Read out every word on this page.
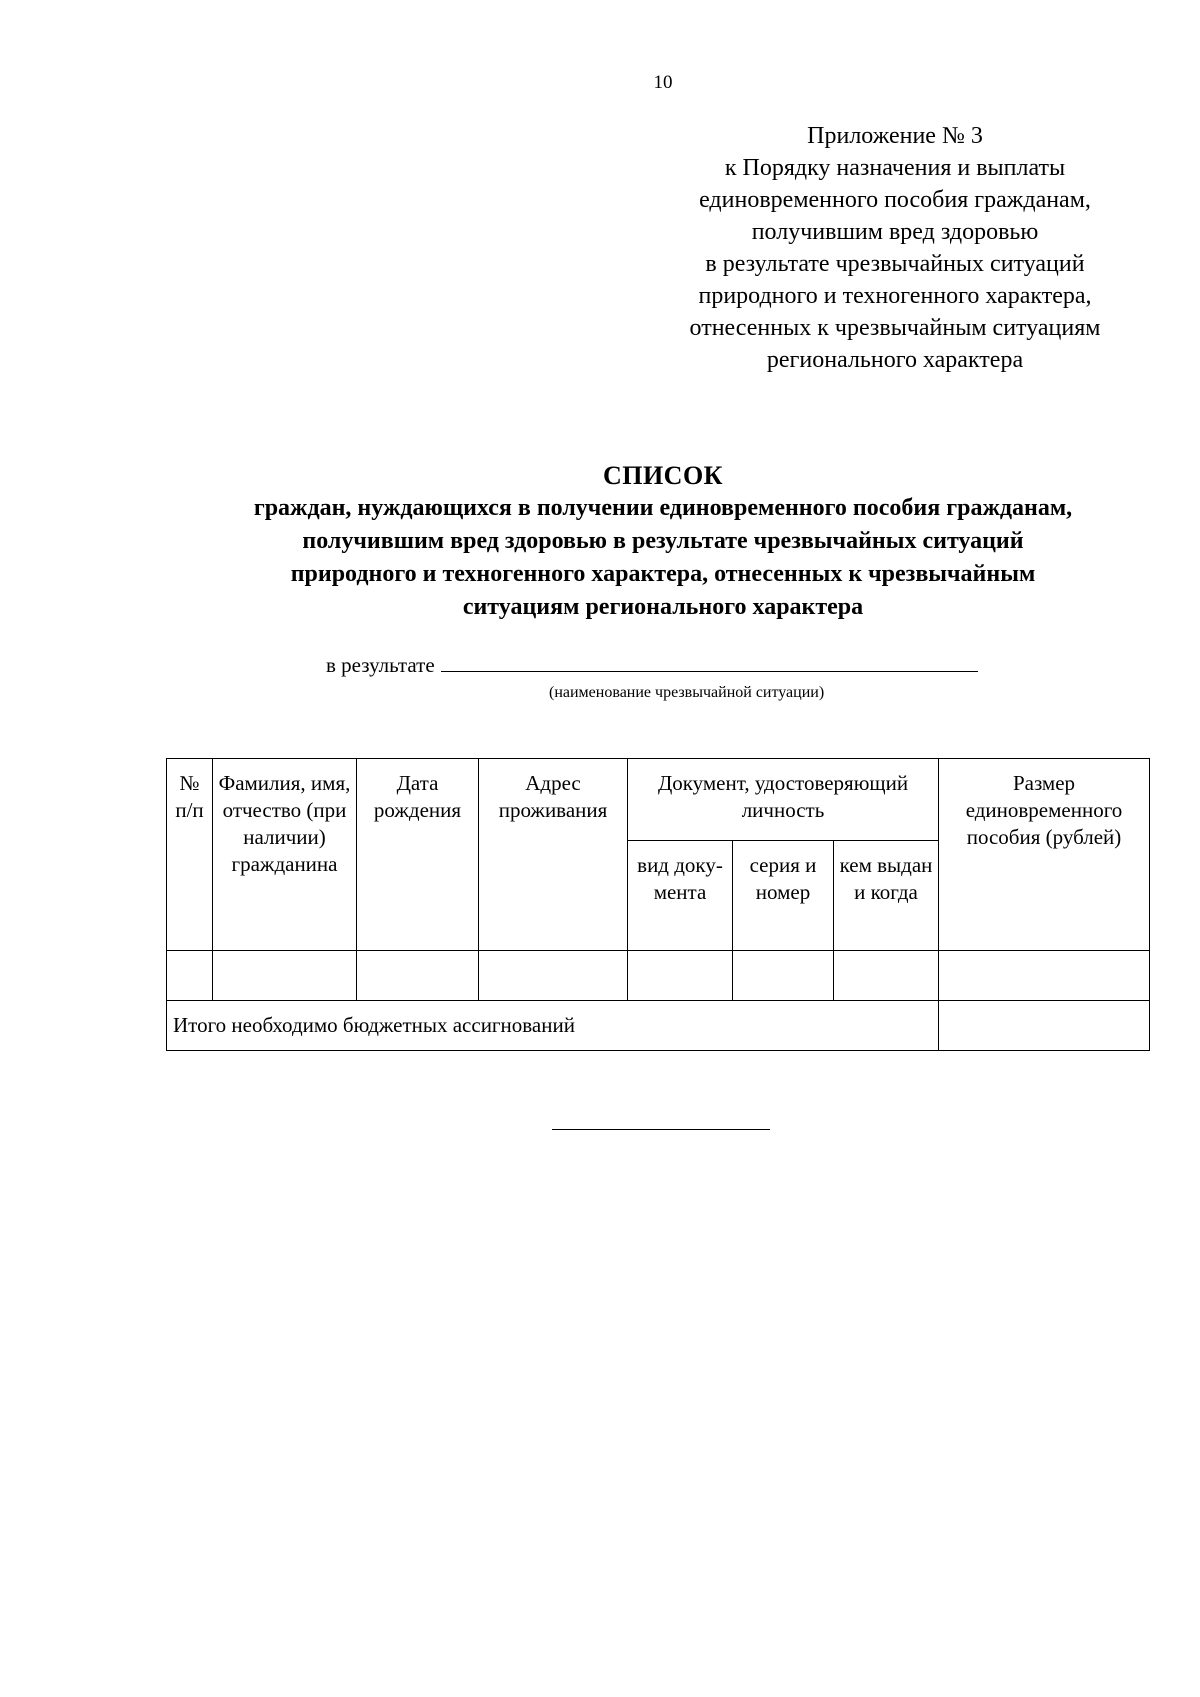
10
Приложение № 3
к Порядку назначения и выплаты
единовременного пособия гражданам,
получившим вред здоровью
в результате чрезвычайных ситуаций
природного и техногенного характера,
отнесенных к чрезвычайным ситуациям
регионального характера
СПИСОК
граждан, нуждающихся в получении единовременного пособия гражданам,
получившим вред здоровью в результате чрезвычайных ситуаций
природного и техногенного характера, отнесенных к чрезвычайным
ситуациям регионального характера
в результате
(наименование чрезвычайной ситуации)
№ п/п	Фамилия, имя, отчество (при наличии) гражданина	Дата рождения	Адрес проживания	Документ, удостоверяющий личность			Размер единовременного пособия (рублей)
				вид доку-мента	серия и номер	кем выдан и когда	

Итого необходимо бюджетных ассигнований							
